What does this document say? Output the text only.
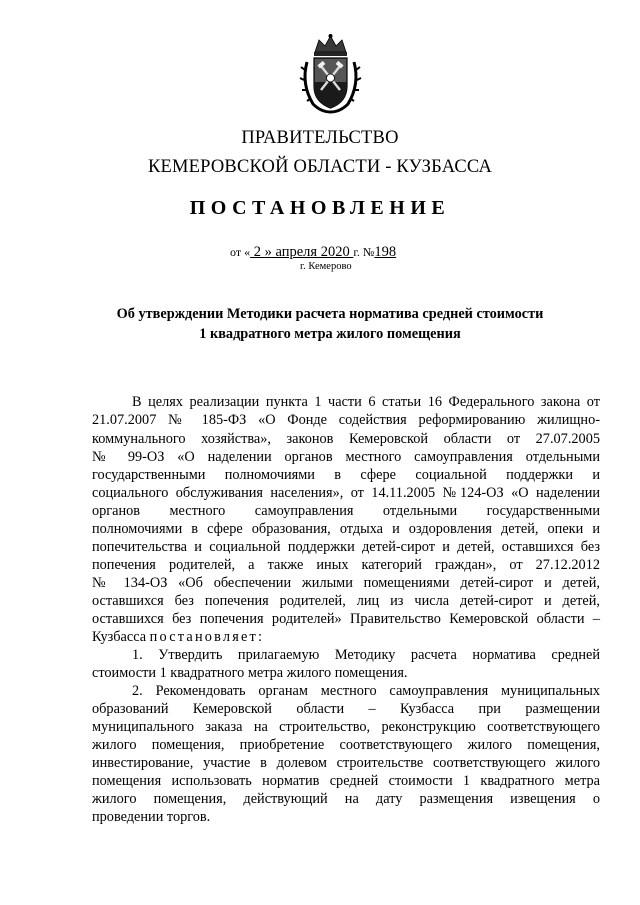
ПРАВИТЕЛЬСТВО
КЕМЕРОВСКОЙ ОБЛАСТИ - КУЗБАССА
ПОСТАНОВЛЕНИЕ
от « 2 » апреля 2020 г. №198
г. Кемерово
Об утверждении Методики расчета норматива средней стоимости
1 квадратного метра жилого помещения
В целях реализации пункта 1 части 6 статьи 16 Федерального закона от
21.07.2007 № 185-ФЗ «О Фонде содействия реформированию жилищно-
коммунального хозяйства», законов Кемеровской области от 27.07.2005
№ 99-ОЗ «О наделении органов местного самоуправления отдельными
государственными полномочиями в сфере социальной поддержки и
социального обслуживания населения», от 14.11.2005 №124-ОЗ «О наделении
органов местного самоуправления отдельными государственными
полномочиями в сфере образования, отдыха и оздоровления детей, опеки и
попечительства и социальной поддержки детей-сирот и детей, оставшихся без
попечения родителей, а также иных категорий граждан», от 27.12.2012
№ 134-ОЗ «Об обеспечении жилыми помещениями детей-сирот и детей,
оставшихся без попечения родителей, лиц из числа детей-сирот и детей,
оставшихся без попечения родителей» Правительство Кемеровской области –
Кузбасса постановляет:
1. Утвердить прилагаемую Методику расчета норматива средней
стоимости 1 квадратного метра жилого помещения.
2. Рекомендовать органам местного самоуправления муниципальных
образований Кемеровской области – Кузбасса при размещении
муниципального заказа на строительство, реконструкцию соответствующего
жилого помещения, приобретение соответствующего жилого помещения,
инвестирование, участие в долевом строительстве соответствующего жилого
помещения использовать норматив средней стоимости 1 квадратного метра
жилого помещения, действующий на дату размещения извещения о
проведении торгов.
